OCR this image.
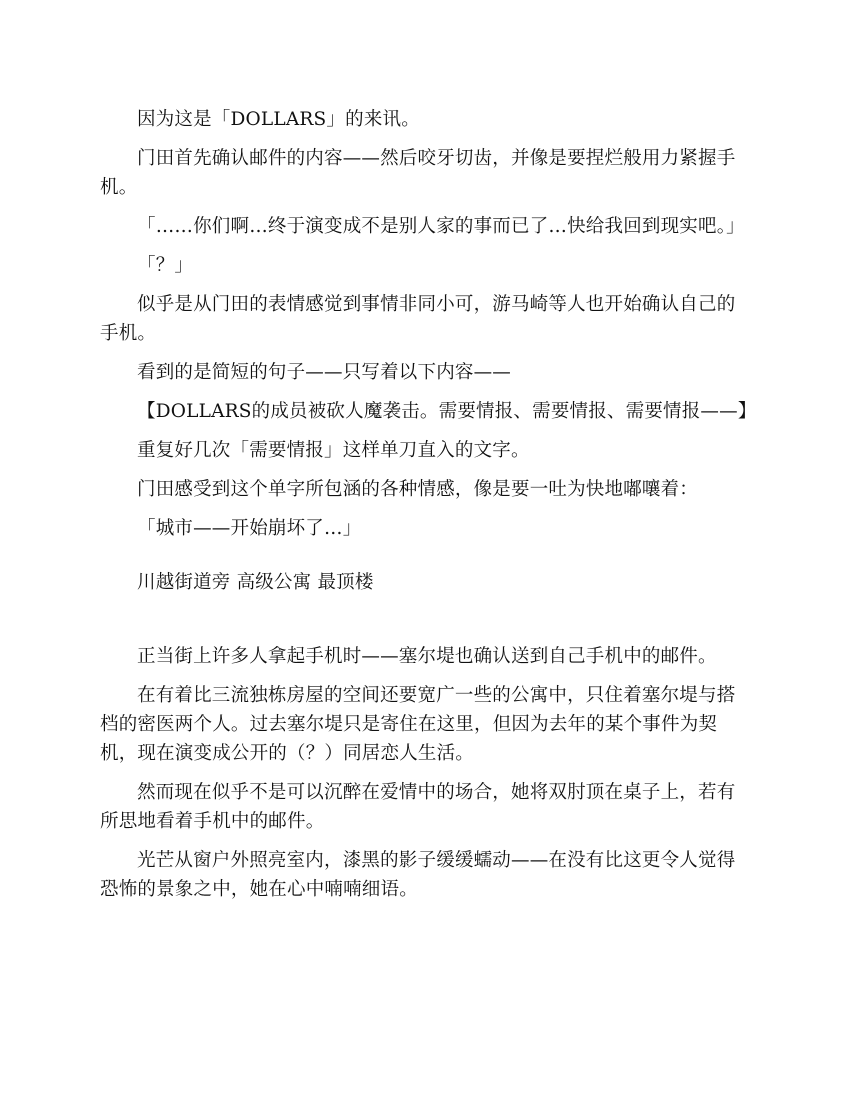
因为这是「DOLLARS」的来讯。

门田首先确认邮件的内容——然后咬牙切齿，并像是要捏烂般用力紧握手机。

「……你们啊…终于演变成不是别人家的事而已了…快给我回到现实吧。」

「？」

似乎是从门田的表情感觉到事情非同小可，游马崎等人也开始确认自己的手机。

看到的是简短的句子——只写着以下内容——

【DOLLARS的成员被砍人魔袭击。需要情报、需要情报、需要情报——】

重复好几次「需要情报」这样单刀直入的文字。

门田感受到这个单字所包涵的各种情感，像是要一吐为快地嘟嚷着：

「城市——开始崩坏了…」

川越街道旁 高级公寓 最顶楼

正当街上许多人拿起手机时——塞尔堤也确认送到自己手机中的邮件。

在有着比三流独栋房屋的空间还要宽广一些的公寓中，只住着塞尔堤与搭档的密医两个人。过去塞尔堤只是寄住在这里，但因为去年的某个事件为契机，现在演变成公开的（？）同居恋人生活。

然而现在似乎不是可以沉醉在爱情中的场合，她将双肘顶在桌子上，若有所思地看着手机中的邮件。

光芒从窗户外照亮室内，漆黑的影子缓缓蠕动——在没有比这更令人觉得恐怖的景象之中，她在心中喃喃细语。
